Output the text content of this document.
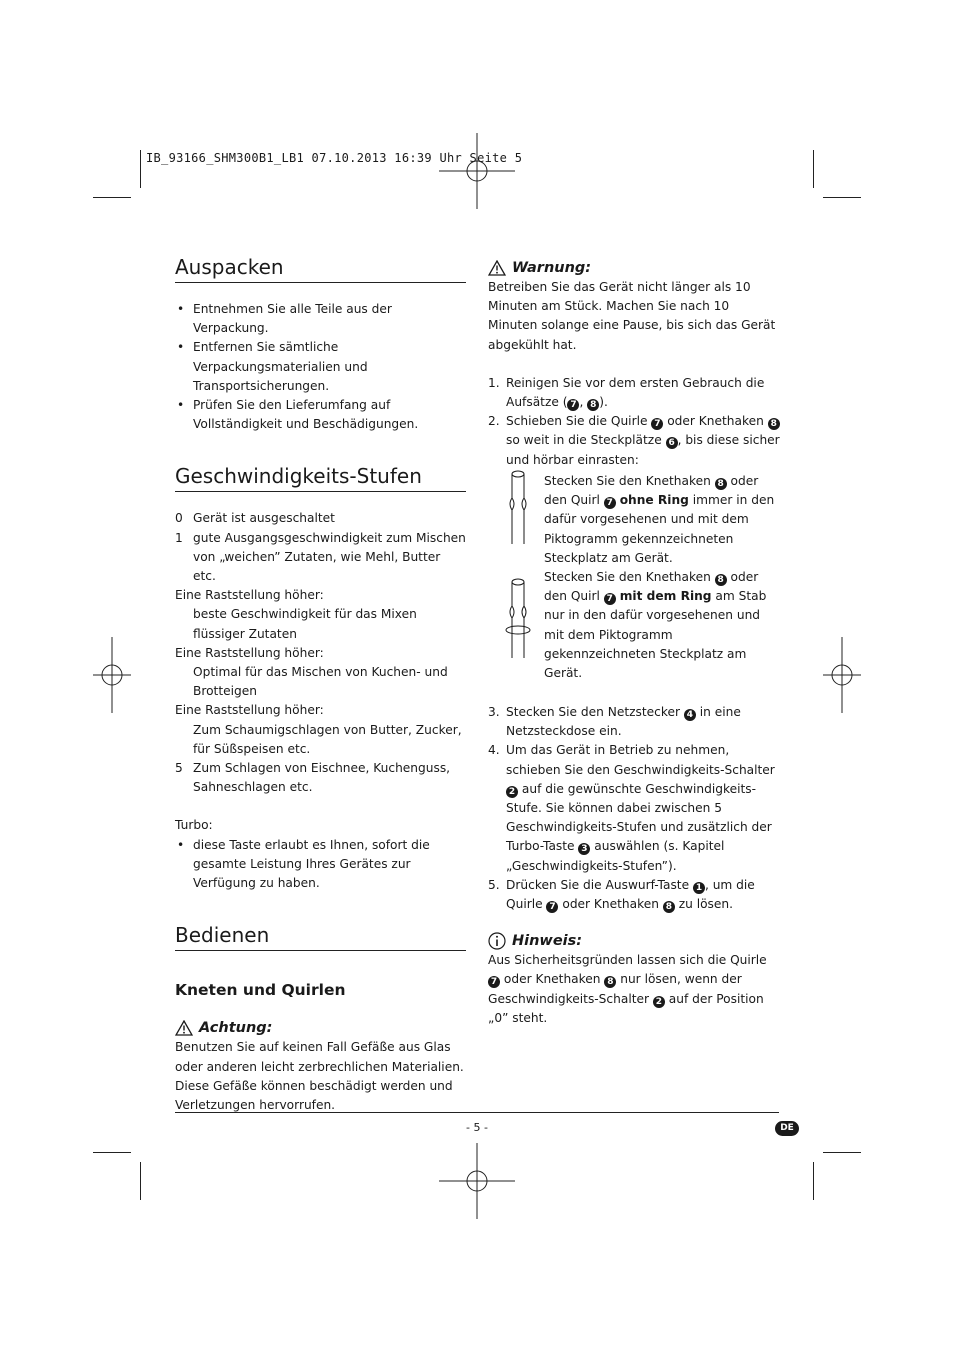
IB_93166_SHM300B1_LB1 07.10.2013 16:39 Uhr Seite 5
Auspacken
• Entnehmen Sie alle Teile aus der Verpackung.
• Entfernen Sie sämtliche Verpackungsmaterialien und Transportsicherungen.
• Prüfen Sie den Lieferumfang auf Vollständigkeit und Beschädigungen.
Geschwindigkeits-Stufen
0 Gerät ist ausgeschaltet
1 gute Ausgangsgeschwindigkeit zum Mischen von „weichen” Zutaten, wie Mehl, Butter etc.
Eine Raststellung höher:
beste Geschwindigkeit für das Mixen flüssiger Zutaten
Eine Raststellung höher:
Optimal für das Mischen von Kuchen- und Brotteigen
Eine Raststellung höher:
Zum Schaumigschlagen von Butter, Zucker, für Süßspeisen etc.
5 Zum Schlagen von Eischnee, Kuchenguss, Sahneschlagen etc.
Turbo:
• diese Taste erlaubt es Ihnen, sofort die gesamte Leistung Ihres Gerätes zur Verfügung zu haben.
Bedienen
Kneten und Quirlen
Achtung:
Benutzen Sie auf keinen Fall Gefäße aus Glas oder anderen leicht zerbrechlichen Materialien. Diese Gefäße können beschädigt werden und Verletzungen hervorrufen.
Warnung:
Betreiben Sie das Gerät nicht länger als 10 Minuten am Stück. Machen Sie nach 10 Minuten solange eine Pause, bis sich das Gerät abgekühlt hat.
1. Reinigen Sie vor dem ersten Gebrauch die Aufsätze ( 7 , 8 ).
2. Schieben Sie die Quirle 7 oder Knethaken 8 so weit in die Steckplätze 6 , bis diese sicher und hörbar einrasten:
Stecken Sie den Knethaken 8 oder den Quirl 7 ohne Ring immer in den dafür vorgesehenen und mit dem Piktogramm gekennzeichneten Steckplatz am Gerät.
Stecken Sie den Knethaken 8 oder den Quirl 7 mit dem Ring am Stab nur in den dafür vorgesehenen und mit dem Piktogramm gekennzeichneten Steckplatz am Gerät.
3. Stecken Sie den Netzstecker 4 in eine Netzsteckdose ein.
4. Um das Gerät in Betrieb zu nehmen, schieben Sie den Geschwindigkeits-Schalter 2 auf die gewünschte Geschwindigkeits-Stufe. Sie können dabei zwischen 5 Geschwindigkeits-Stufen und zusätzlich der Turbo-Taste 3 auswählen (s. Kapitel „Geschwindigkeits-Stufen”).
5. Drücken Sie die Auswurf-Taste 1 , um die Quirle 7 oder Knethaken 8 zu lösen.
Hinweis:
Aus Sicherheitsgründen lassen sich die Quirle 7 oder Knethaken 8 nur lösen, wenn der Geschwindigkeits-Schalter 2 auf der Position „0” steht.
- 5 -	DE
